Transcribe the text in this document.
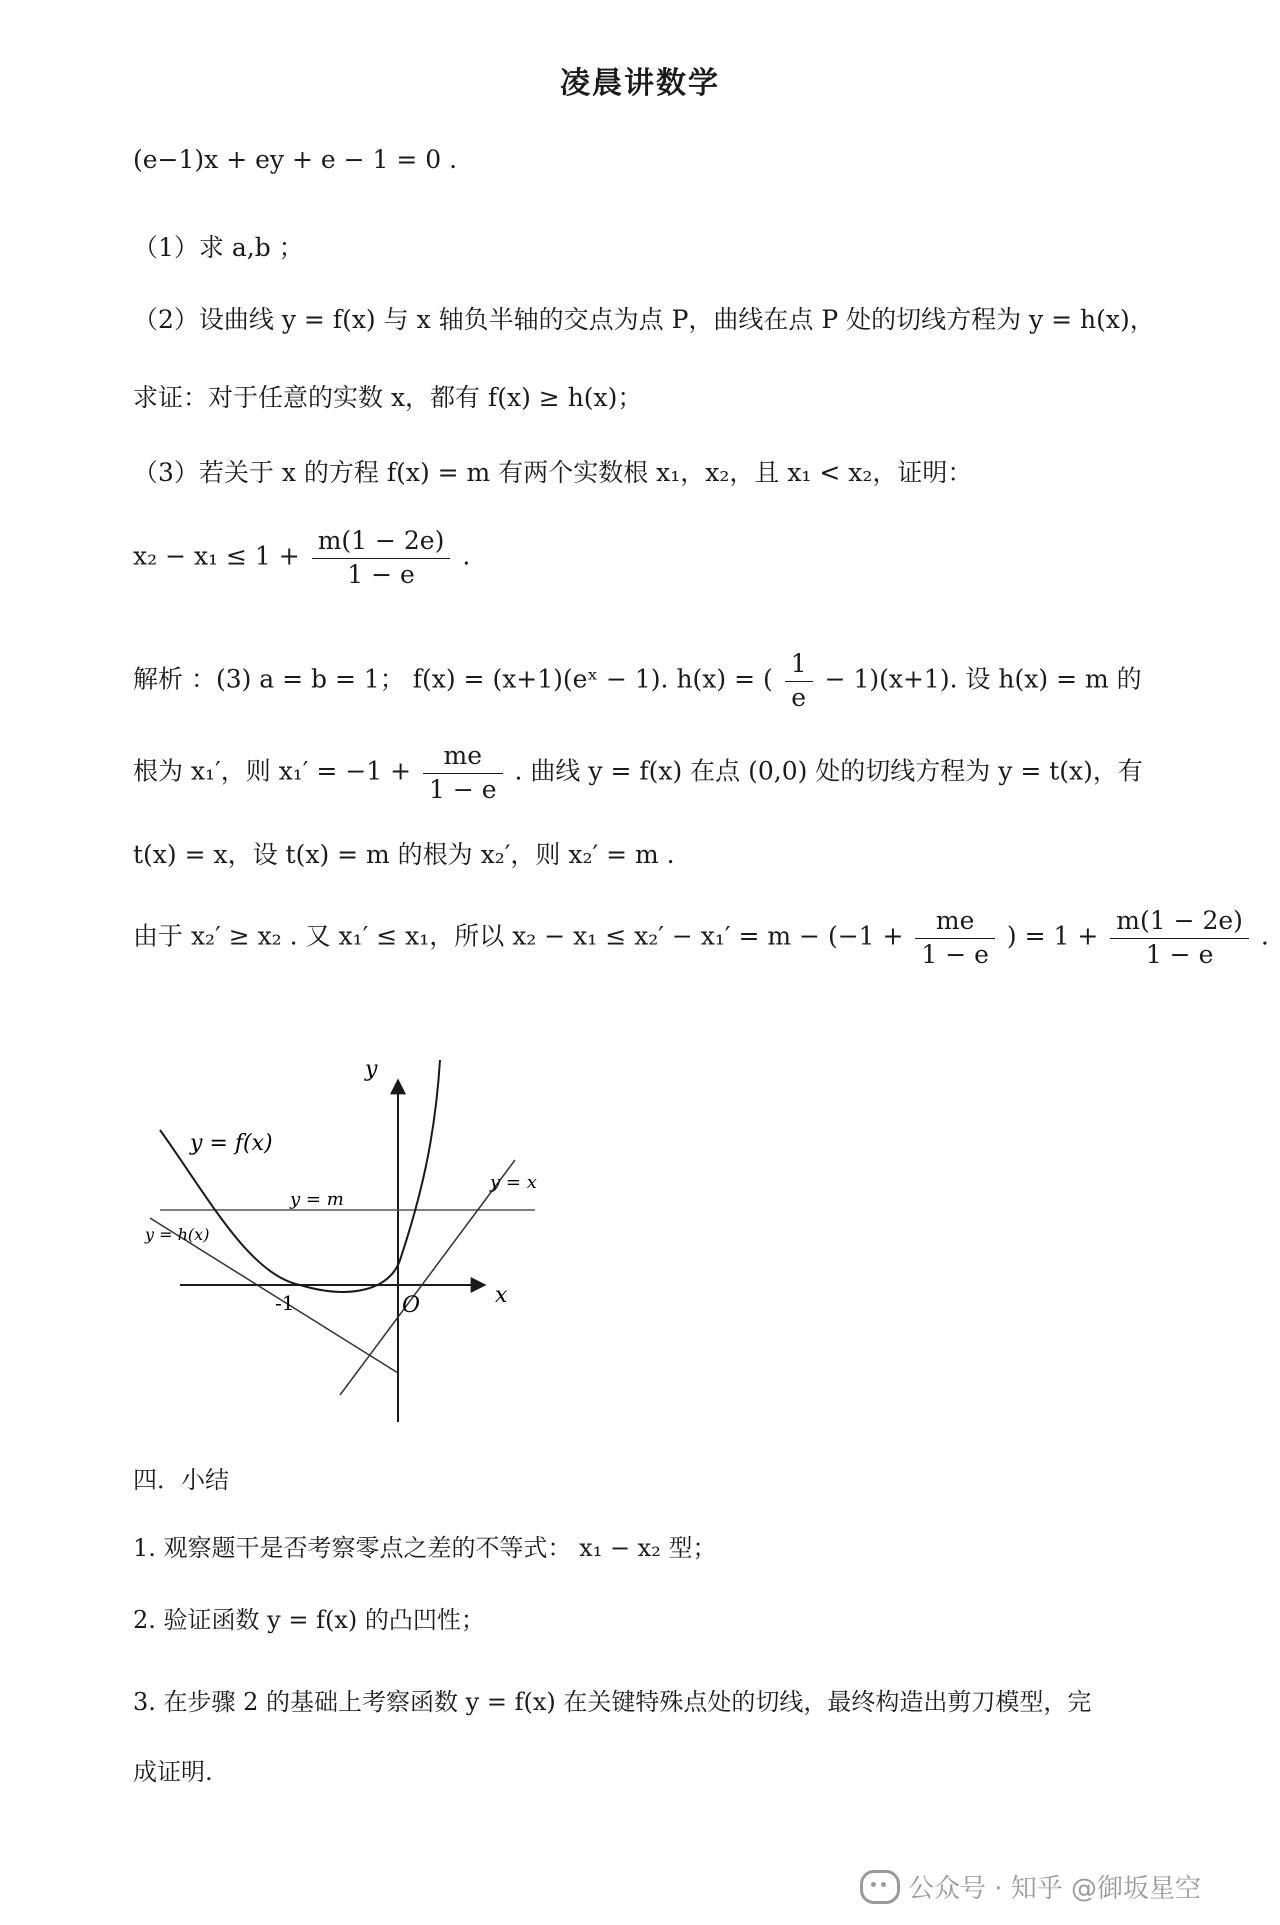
凌晨讲数学
(e−1)x + ey + e − 1 = 0 .
（1）求 a,b ；
（2）设曲线 y = f(x) 与 x 轴负半轴的交点为点 P，曲线在点 P 处的切线方程为 y = h(x)，
求证：对于任意的实数 x，都有 f(x) ≥ h(x)；
（3）若关于 x 的方程 f(x) = m 有两个实数根 x₁，x₂，且 x₁ < x₂，证明：
$x_2 - x_1 \le 1 + \frac{m(1 - 2e)}{1 - e}$ .
解析 ：(3) a = b = 1； f(x) = (x+1)(eˣ − 1). h(x) = ( $\frac{1}{e} - 1)(x+1)$. 设 h(x) = m 的
根为 x₁′，则 $x_1' = -1 + \frac{me}{1 - e}$ . 曲线 y = f(x) 在点 (0,0) 处的切线方程为 y = t(x)，有
t(x) = x，设 t(x) = m 的根为 x₂′，则 x₂′ = m .
由于 x₂′ ≥ x₂ . 又 x₁′ ≤ x₁，所以 $x_2 - x_1 \le x_2' - x_1' = m - (-1 + \frac{me}{1 - e}$ ) = $1 + \frac{m(1 - 2e)}{1 - e}$ .
y
x
O
-1
y = f(x)
y = m
y = h(x)
y = x
四．小结
1. 观察题干是否考察零点之差的不等式： x₁ − x₂ 型；
2. 验证函数 y = f(x) 的凸凹性；
3. 在步骤 2 的基础上考察函数 y = f(x) 在关键特殊点处的切线，最终构造出剪刀模型，完
成证明.
公众号 · 知乎 @御坂星空
